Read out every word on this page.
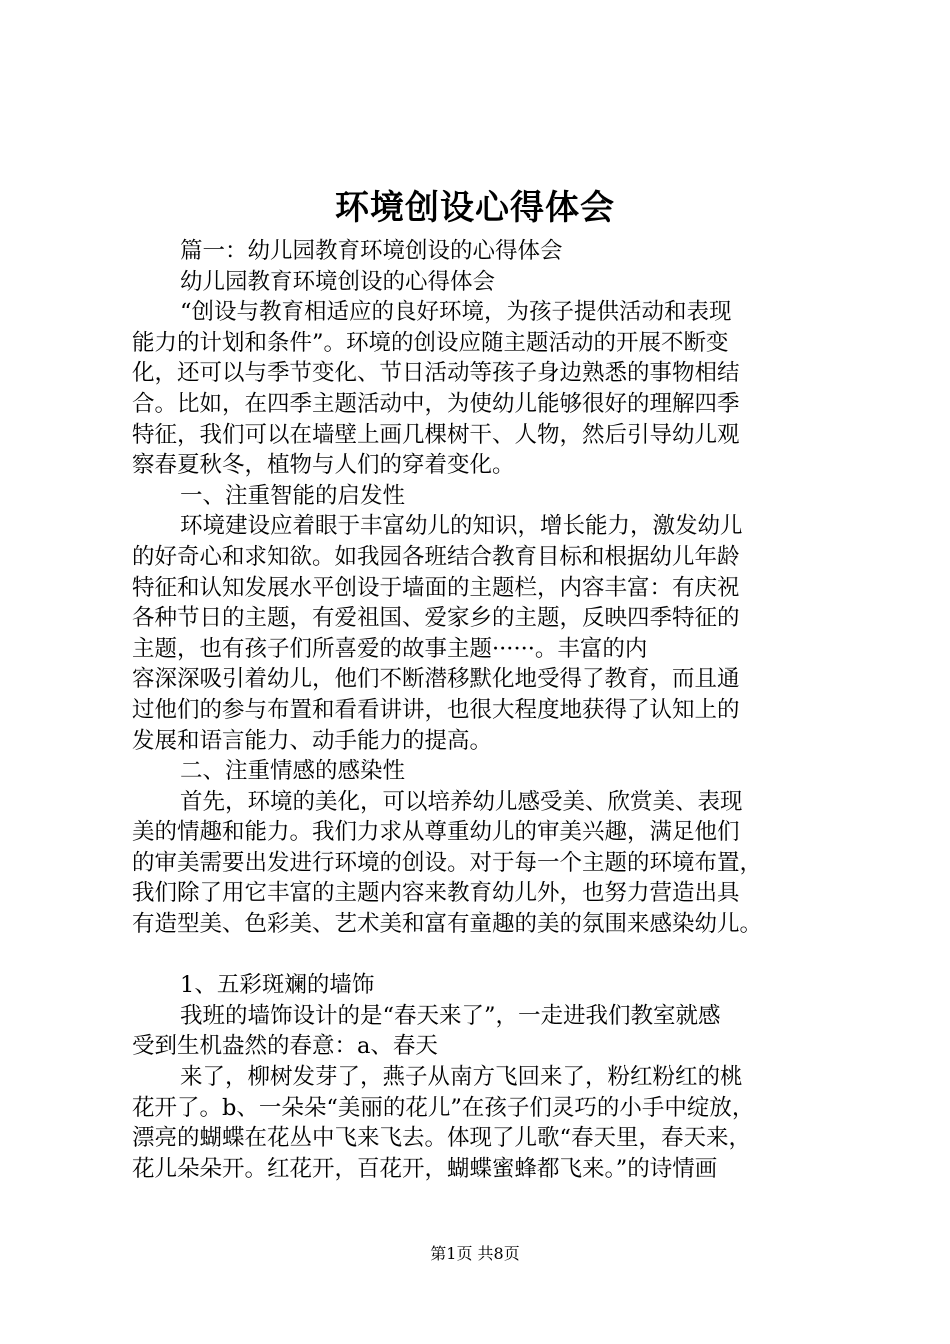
环境创设心得体会

篇一：幼儿园教育环境创设的心得体会

幼儿园教育环境创设的心得体会

“创设与教育相适应的良好环境，为孩子提供活动和表现

能力的计划和条件”。环境的创设应随主题活动的开展不断变

化，还可以与季节变化、节日活动等孩子身边熟悉的事物相结

合。比如，在四季主题活动中，为使幼儿能够很好的理解四季

特征，我们可以在墙壁上画几棵树干、人物，然后引导幼儿观

察春夏秋冬，植物与人们的穿着变化。

一、注重智能的启发性

环境建设应着眼于丰富幼儿的知识，增长能力，激发幼儿

的好奇心和求知欲。如我园各班结合教育目标和根据幼儿年龄

特征和认知发展水平创设于墙面的主题栏，内容丰富：有庆祝

各种节日的主题，有爱祖国、爱家乡的主题，反映四季特征的

主题，也有孩子们所喜爱的故事主题······。丰富的内

容深深吸引着幼儿，他们不断潜移默化地受得了教育，而且通

过他们的参与布置和看看讲讲，也很大程度地获得了认知上的

发展和语言能力、动手能力的提高。

二、注重情感的感染性

首先，环境的美化，可以培养幼儿感受美、欣赏美、表现

美的情趣和能力。我们力求从尊重幼儿的审美兴趣，满足他们

的审美需要出发进行环境的创设。对于每一个主题的环境布置，

我们除了用它丰富的主题内容来教育幼儿外，也努力营造出具

有造型美、色彩美、艺术美和富有童趣的美的氛围来感染幼儿。

1、五彩斑斓的墙饰

我班的墙饰设计的是“春天来了”，一走进我们教室就感

受到生机盎然的春意：a、春天

来了，柳树发芽了，燕子从南方飞回来了，粉红粉红的桃

花开了。b、一朵朵“美丽的花儿”在孩子们灵巧的小手中绽放，

漂亮的蝴蝶在花丛中飞来飞去。体现了儿歌“春天里，春天来，

花儿朵朵开。红花开，百花开，蝴蝶蜜蜂都飞来。”的诗情画

第1页 共8页
